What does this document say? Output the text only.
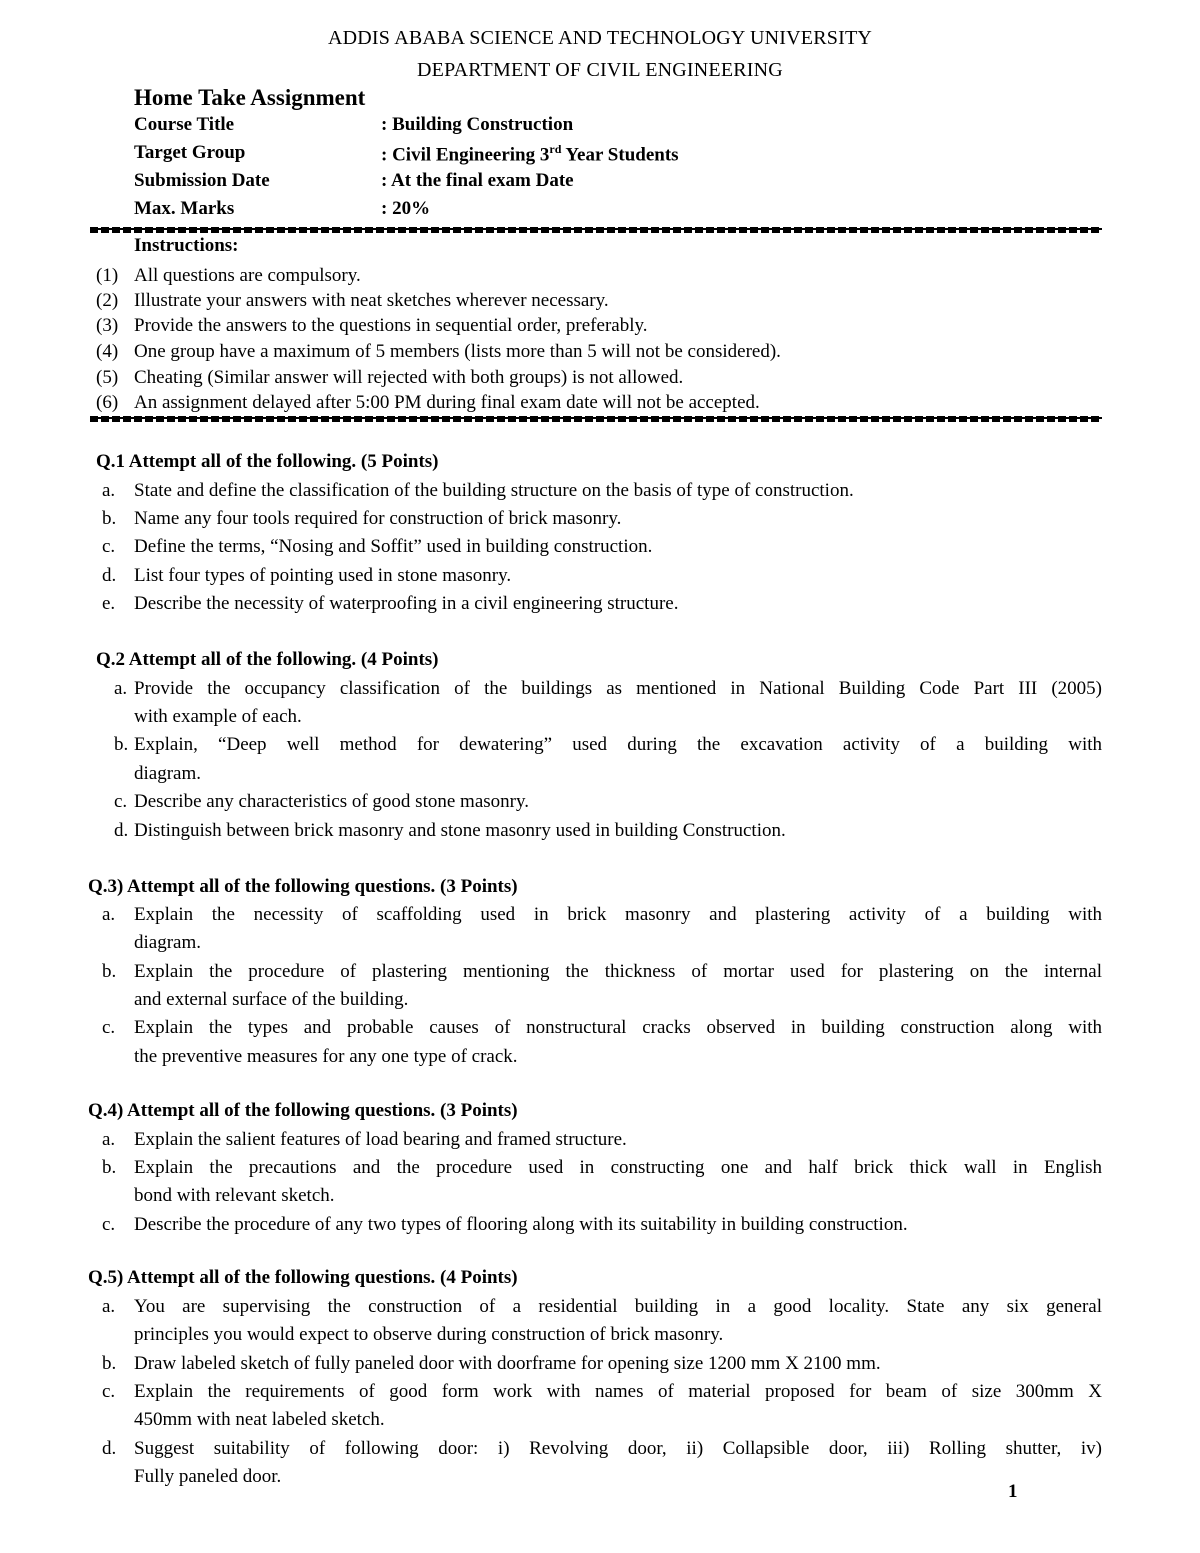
ADDIS ABABA SCIENCE AND TECHNOLOGY UNIVERSITY
DEPARTMENT OF CIVIL ENGINEERING
Home Take Assignment
Course Title	: Building Construction
Target Group	: Civil Engineering 3rd Year Students
Submission Date	: At the final exam Date
Max. Marks	: 20%
Instructions:
(1) All questions are compulsory.
(2) Illustrate your answers with neat sketches wherever necessary.
(3) Provide the answers to the questions in sequential order, preferably.
(4) One group have a maximum of 5 members (lists more than 5 will not be considered).
(5) Cheating (Similar answer will rejected with both groups) is not allowed.
(6) An assignment delayed after 5:00 PM during final exam date will not be accepted.
Q.1 Attempt all of the following. (5 Points)
a. State and define the classification of the building structure on the basis of type of construction.
b. Name any four tools required for construction of brick masonry.
c. Define the terms, “Nosing and Soffit” used in building construction.
d. List four types of pointing used in stone masonry.
e. Describe the necessity of waterproofing in a civil engineering structure.
Q.2 Attempt all of the following. (4 Points)
a. Provide the occupancy classification of the buildings as mentioned in National Building Code Part III (2005)
with example of each.
b. Explain, “Deep well method for dewatering” used during the excavation activity of a building with
diagram.
c. Describe any characteristics of good stone masonry.
d. Distinguish between brick masonry and stone masonry used in building Construction.
Q.3) Attempt all of the following questions. (3 Points)
a. Explain the necessity of scaffolding used in brick masonry and plastering activity of a building with
diagram.
b. Explain the procedure of plastering mentioning the thickness of mortar used for plastering on the internal
and external surface of the building.
c. Explain the types and probable causes of nonstructural cracks observed in building construction along with
the preventive measures for any one type of crack.
Q.4) Attempt all of the following questions. (3 Points)
a. Explain the salient features of load bearing and framed structure.
b. Explain the precautions and the procedure used in constructing one and half brick thick wall in English
bond with relevant sketch.
c. Describe the procedure of any two types of flooring along with its suitability in building construction.
Q.5) Attempt all of the following questions. (4 Points)
a. You are supervising the construction of a residential building in a good locality. State any six general
principles you would expect to observe during construction of brick masonry.
b. Draw labeled sketch of fully paneled door with doorframe for opening size 1200 mm X 2100 mm.
c. Explain the requirements of good form work with names of material proposed for beam of size 300mm X
450mm with neat labeled sketch.
d. Suggest suitability of following door: i) Revolving door, ii) Collapsible door, iii) Rolling shutter, iv)
Fully paneled door.
1
